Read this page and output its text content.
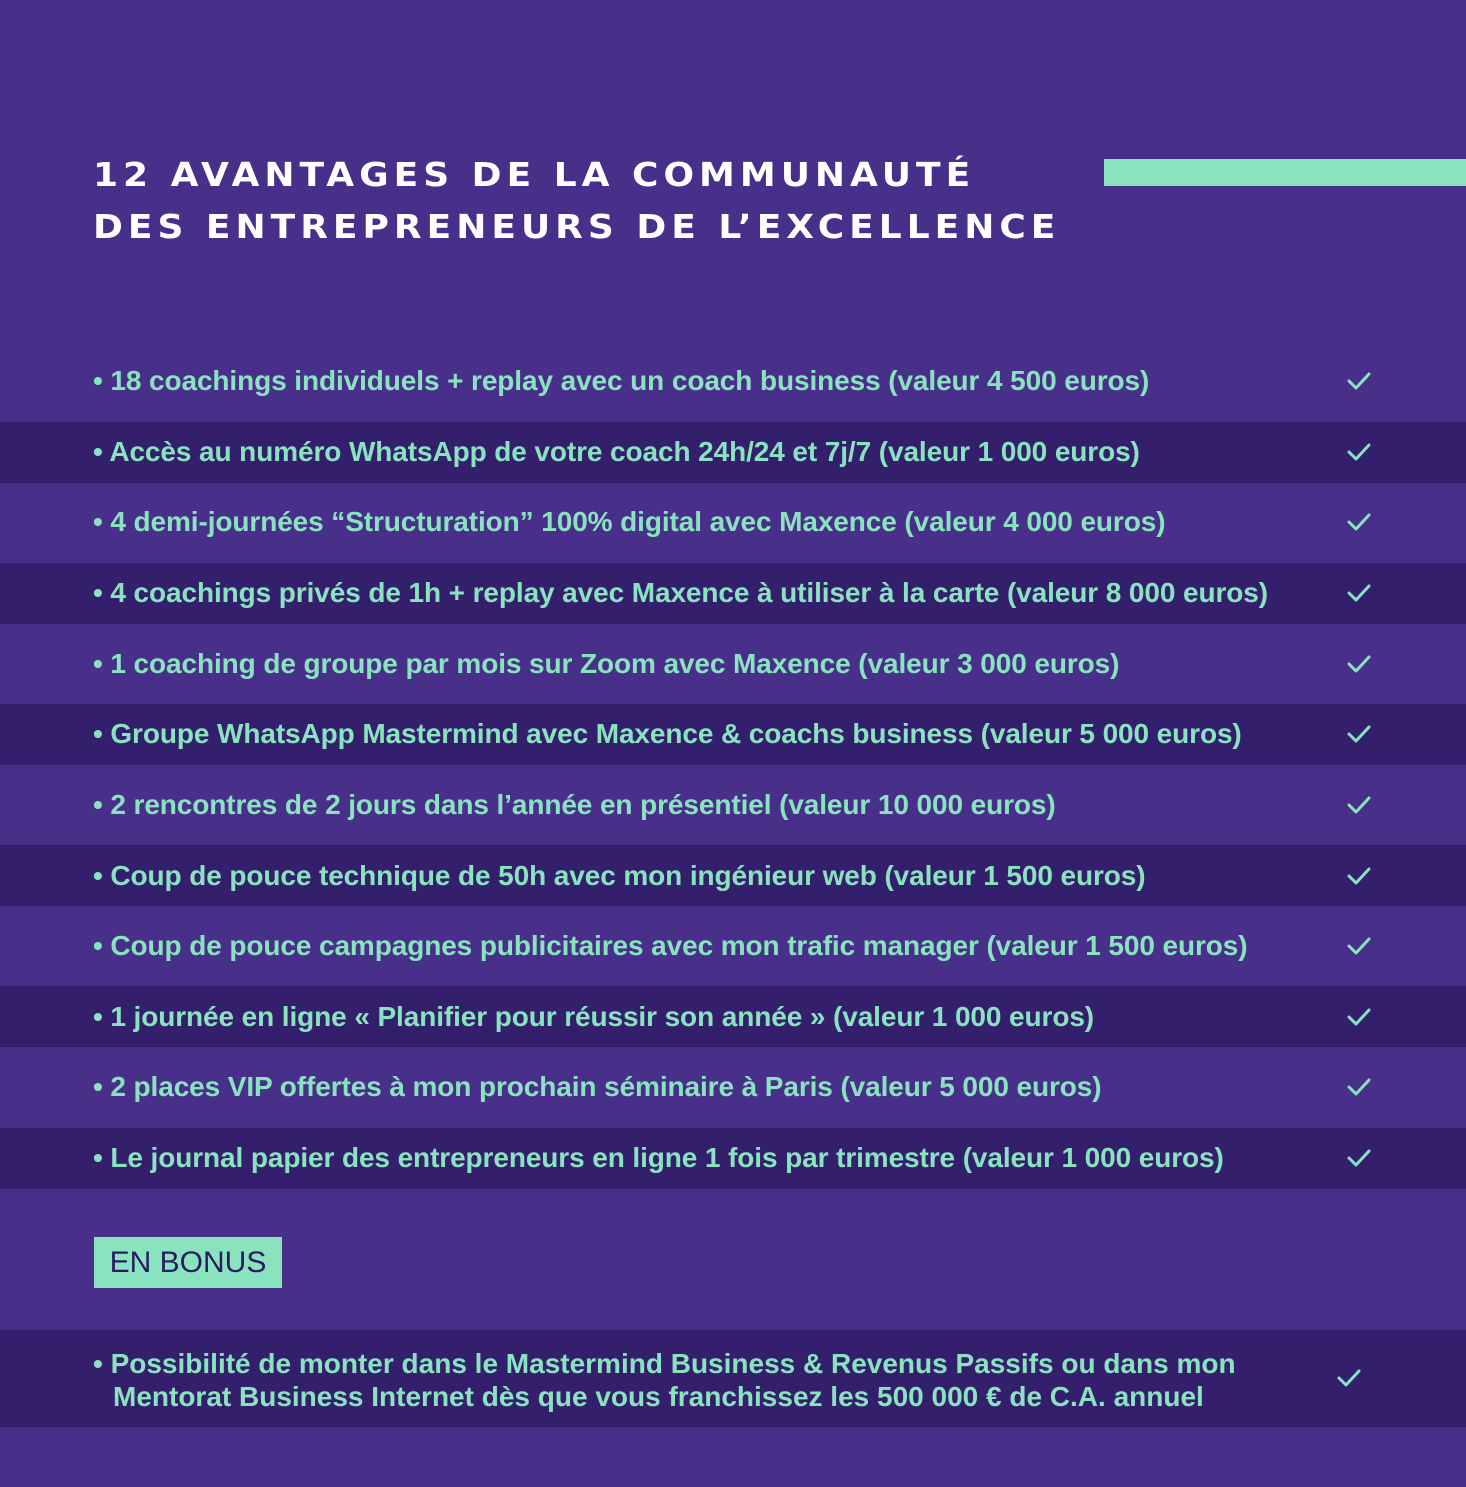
12 AVANTAGES DE LA COMMUNAUTÉ
DES ENTREPRENEURS DE L’EXCELLENCE
• 18 coachings individuels + replay avec un coach business (valeur 4 500 euros)
• Accès au numéro WhatsApp de votre coach 24h/24 et 7j/7 (valeur 1 000 euros)
• 4 demi-journées “Structuration” 100% digital avec Maxence (valeur 4 000 euros)
• 4 coachings privés de 1h + replay avec Maxence à utiliser à la carte (valeur 8 000 euros)
• 1 coaching de groupe par mois sur Zoom avec Maxence (valeur 3 000 euros)
• Groupe WhatsApp Mastermind avec Maxence & coachs business (valeur 5 000 euros)
• 2 rencontres de 2 jours dans l’année en présentiel (valeur 10 000 euros)
• Coup de pouce technique de 50h avec mon ingénieur web (valeur 1 500 euros)
• Coup de pouce campagnes publicitaires avec mon trafic manager (valeur 1 500 euros)
• 1 journée en ligne « Planifier pour réussir son année » (valeur 1 000 euros)
• 2 places VIP offertes à mon prochain séminaire à Paris (valeur 5 000 euros)
• Le journal papier des entrepreneurs en ligne 1 fois par trimestre (valeur 1 000 euros)
EN BONUS
• Possibilité de monter dans le Mastermind Business & Revenus Passifs ou dans mon
Mentorat Business Internet dès que vous franchissez les 500 000 € de C.A. annuel
